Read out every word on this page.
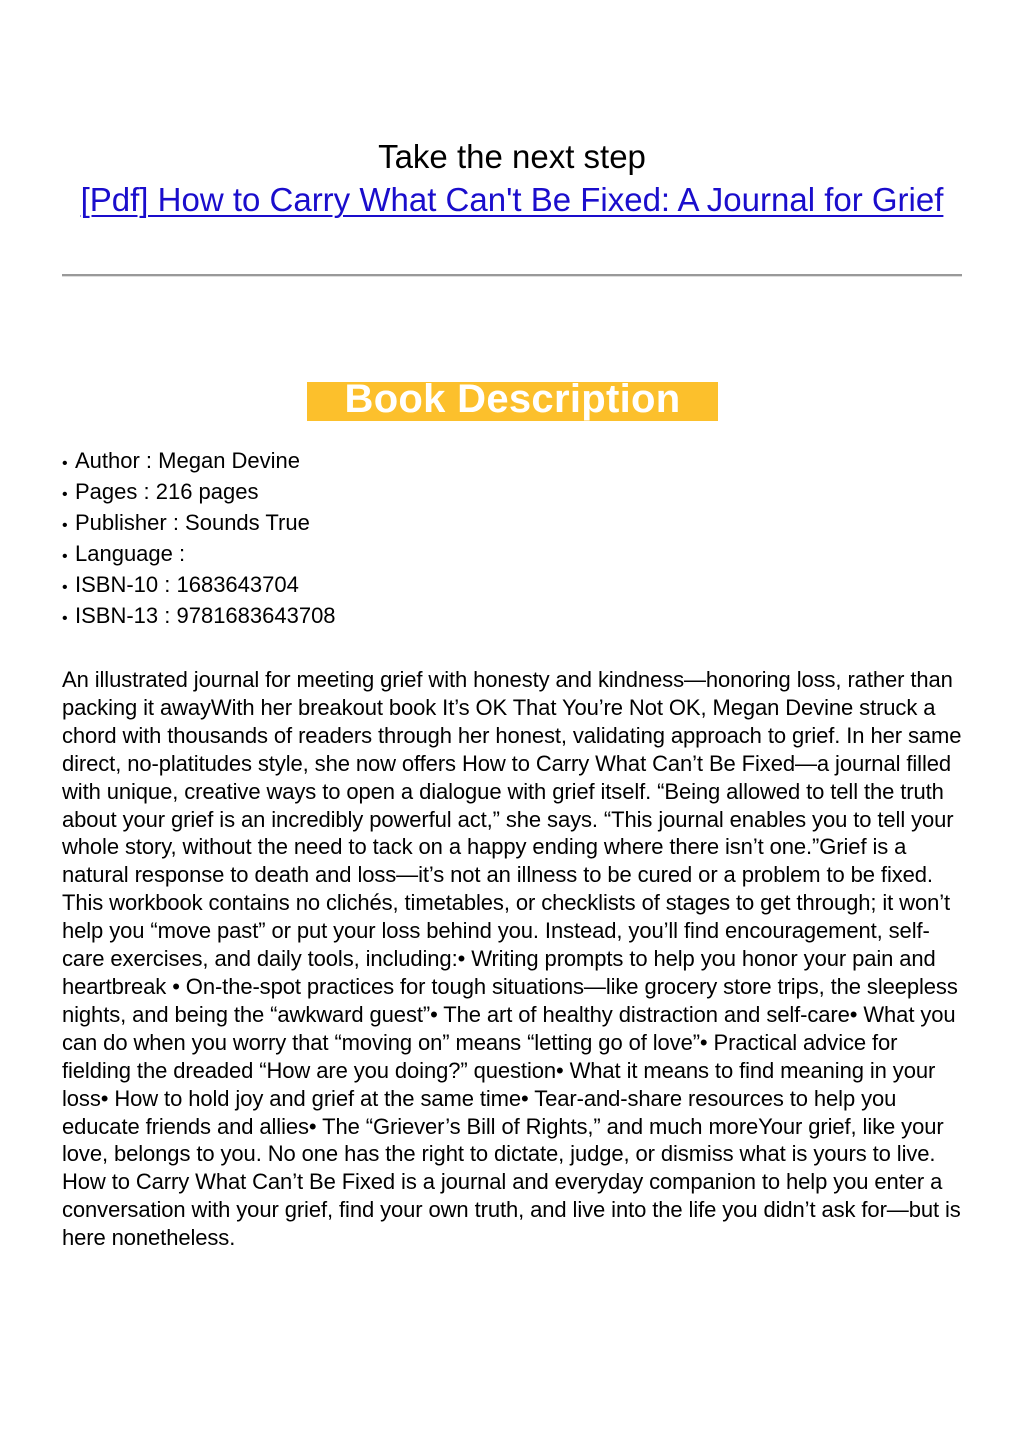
Take the next step

[Pdf] How to Carry What Can't Be Fixed: A Journal for Grief
Book Description
• Author : Megan Devine
• Pages : 216 pages
• Publisher : Sounds True
• Language :
• ISBN-10 : 1683643704
• ISBN-13 : 9781683643708

An illustrated journal for meeting grief with honesty and kindness—honoring loss, rather than packing it awayWith her breakout book It’s OK That You’re Not OK, Megan Devine struck a chord with thousands of readers through her honest, validating approach to grief. In her same direct, no-platitudes style, she now offers How to Carry What Can’t Be Fixed—a journal filled with unique, creative ways to open a dialogue with grief itself. “Being allowed to tell the truth about your grief is an incredibly powerful act,” she says. “This journal enables you to tell your whole story, without the need to tack on a happy ending where there isn’t one.”Grief is a natural response to death and loss—it’s not an illness to be cured or a problem to be fixed. This workbook contains no clichés, timetables, or checklists of stages to get through; it won’t help you “move past” or put your loss behind you. Instead, you’ll find encouragement, self-care exercises, and daily tools, including:• Writing prompts to help you honor your pain and heartbreak • On-the-spot practices for tough situations—like grocery store trips, the sleepless nights, and being the “awkward guest”• The art of healthy distraction and self-care• What you can do when you worry that “moving on” means “letting go of love”• Practical advice for fielding the dreaded “How are you doing?” question• What it means to find meaning in your loss• How to hold joy and grief at the same time• Tear-and-share resources to help you educate friends and allies• The “Griever’s Bill of Rights,” and much moreYour grief, like your love, belongs to you. No one has the right to dictate, judge, or dismiss what is yours to live. How to Carry What Can’t Be Fixed is a journal and everyday companion to help you enter a conversation with your grief, find your own truth, and live into the life you didn’t ask for—but is here nonetheless.
